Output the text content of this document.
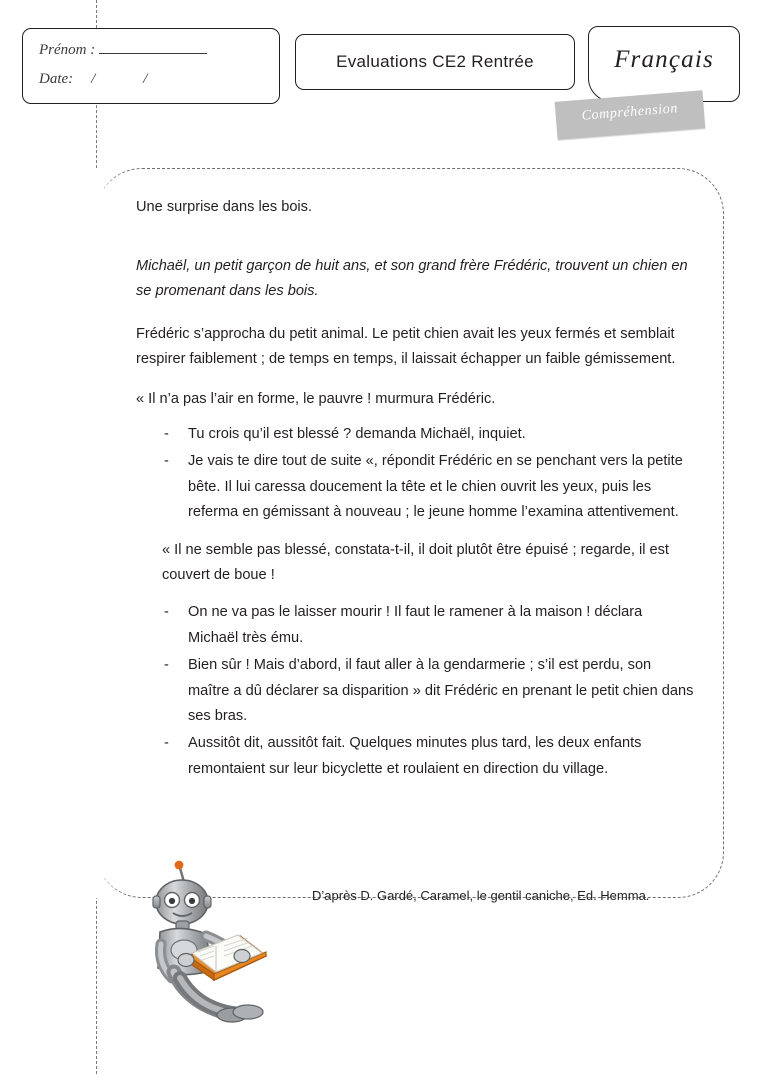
Prénom :
Date: / /
Evaluations CE2 Rentrée	Français
Compréhension

Une surprise dans les bois.

Michaël, un petit garçon de huit ans, et son grand frère Frédéric, trouvent un chien en se promenant dans les bois.

Frédéric s’approcha du petit animal. Le petit chien avait les yeux fermés et semblait respirer faiblement ; de temps en temps, il laissait échapper un faible gémissement.

« Il n’a pas l’air en forme, le pauvre ! murmura Frédéric.

- Tu crois qu’il est blessé ? demanda Michaël, inquiet.
- Je vais te dire tout de suite «, répondit Frédéric en se penchant vers la petite bête. Il lui caressa doucement la tête et le chien ouvrit les yeux, puis les referma en gémissant à nouveau ; le jeune homme l’examina attentivement.

« Il ne semble pas blessé, constata-t-il, il doit plutôt être épuisé ; regarde, il est couvert de boue !

- On ne va pas le laisser mourir ! Il faut le ramener à la maison ! déclara Michaël très ému.
- Bien sûr ! Mais d’abord, il faut aller à la gendarmerie ; s’il est perdu, son maître a dû déclarer sa disparition » dit Frédéric en prenant le petit chien dans ses bras.
- Aussitôt dit, aussitôt fait. Quelques minutes plus tard, les deux enfants remontaient sur leur bicyclette et roulaient en direction du village.
D’après D. Gardé, Caramel, le gentil caniche, Ed. Hemma.
